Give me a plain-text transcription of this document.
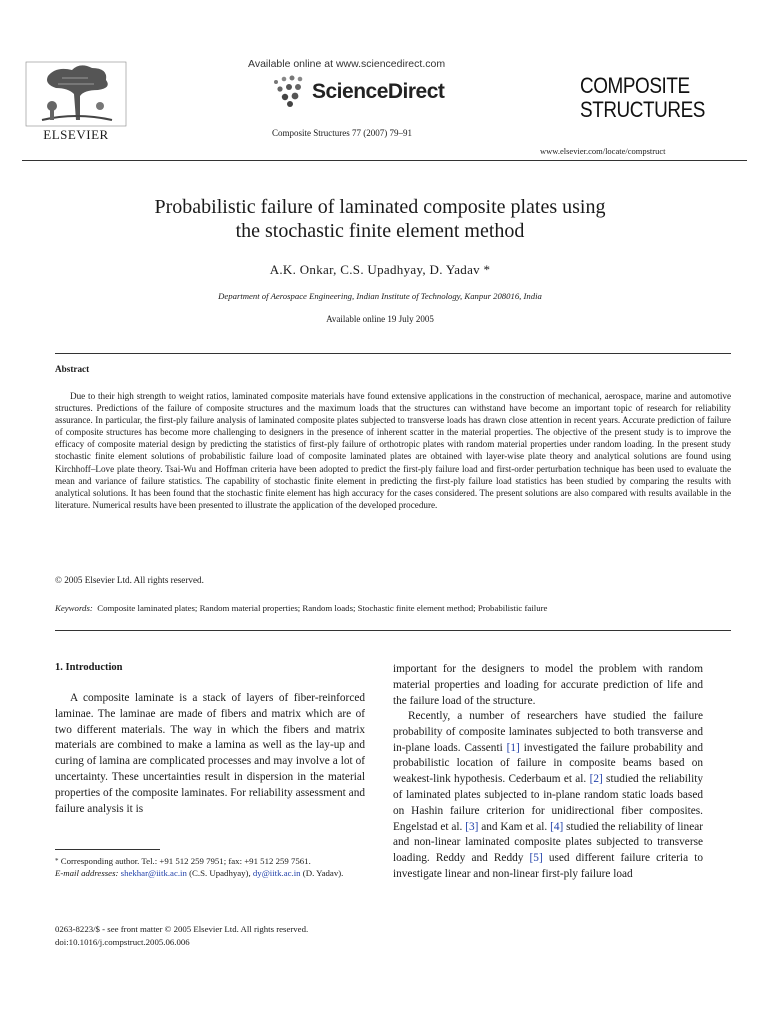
ELSEVIER
Available online at www.sciencedirect.com
ScienceDirect
Composite Structures 77 (2007) 79–91
COMPOSITE
STRUCTURES
www.elsevier.com/locate/compstruct
Probabilistic failure of laminated composite plates using
the stochastic finite element method
A.K. Onkar, C.S. Upadhyay, D. Yadav *
Department of Aerospace Engineering, Indian Institute of Technology, Kanpur 208016, India
Available online 19 July 2005
Abstract
Due to their high strength to weight ratios, laminated composite materials have found extensive applications in the construction of mechanical, aerospace, marine and automotive structures. Predictions of the failure of composite structures and the maximum loads that the structures can withstand have become an important topic of research for reliability assurance. In particular, the first-ply failure analysis of laminated composite plates subjected to transverse loads has drawn close attention in recent years. Accurate prediction of failure of composite structures has become more challenging to designers in the presence of inherent scatter in the material properties. The objective of the present study is to improve the efficacy of composite material design by predicting the statistics of first-ply failure of orthotropic plates with random material properties under random loading. In the present study stochastic finite element solutions of probabilistic failure load of composite laminated plates are obtained with layer-wise plate theory and analytical solutions are found using Kirchhoff–Love plate theory. Tsai-Wu and Hoffman criteria have been adopted to predict the first-ply failure load and first-order perturbation technique has been used to evaluate the mean and variance of failure statistics. The capability of stochastic finite element in predicting the first-ply failure load statistics has been studied by comparing the results with analytical solutions. It has been found that the stochastic finite element has high accuracy for the cases considered. The present solutions are also compared with results available in the literature. Numerical results have been presented to illustrate the application of the developed procedure.
© 2005 Elsevier Ltd. All rights reserved.
Keywords: Composite laminated plates; Random material properties; Random loads; Stochastic finite element method; Probabilistic failure
1. Introduction
A composite laminate is a stack of layers of fiber-reinforced laminae. The laminae are made of fibers and matrix which are of two different materials. The way in which the fibers and matrix materials are combined to make a lamina as well as the lay-up and curing of lamina are complicated processes and may involve a lot of uncertainty. These uncertainties result in dispersion in the material properties of the composite laminates. For reliability assessment and failure analysis it is
important for the designers to model the problem with random material properties and loading for accurate prediction of life and the failure load of the structure.
Recently, a number of researchers have studied the failure probability of composite laminates subjected to both transverse and in-plane loads. Cassenti [1] investigated the failure probability and probabilistic location of failure in composite beams based on weakest-link hypothesis. Cederbaum et al. [2] studied the reliability of laminated plates subjected to in-plane random static loads based on Hashin failure criterion for unidirectional fiber composites. Engelstad et al. [3] and Kam et al. [4] studied the reliability of linear and non-linear laminated composite plates subjected to transverse loading. Reddy and Reddy [5] used different failure criteria to investigate linear and non-linear first-ply failure load
* Corresponding author. Tel.: +91 512 259 7951; fax: +91 512 259 7561.
E-mail addresses: shekhar@iitk.ac.in (C.S. Upadhyay), dy@iitk.ac.in (D. Yadav).
0263-8223/$ - see front matter © 2005 Elsevier Ltd. All rights reserved.
doi:10.1016/j.compstruct.2005.06.006
